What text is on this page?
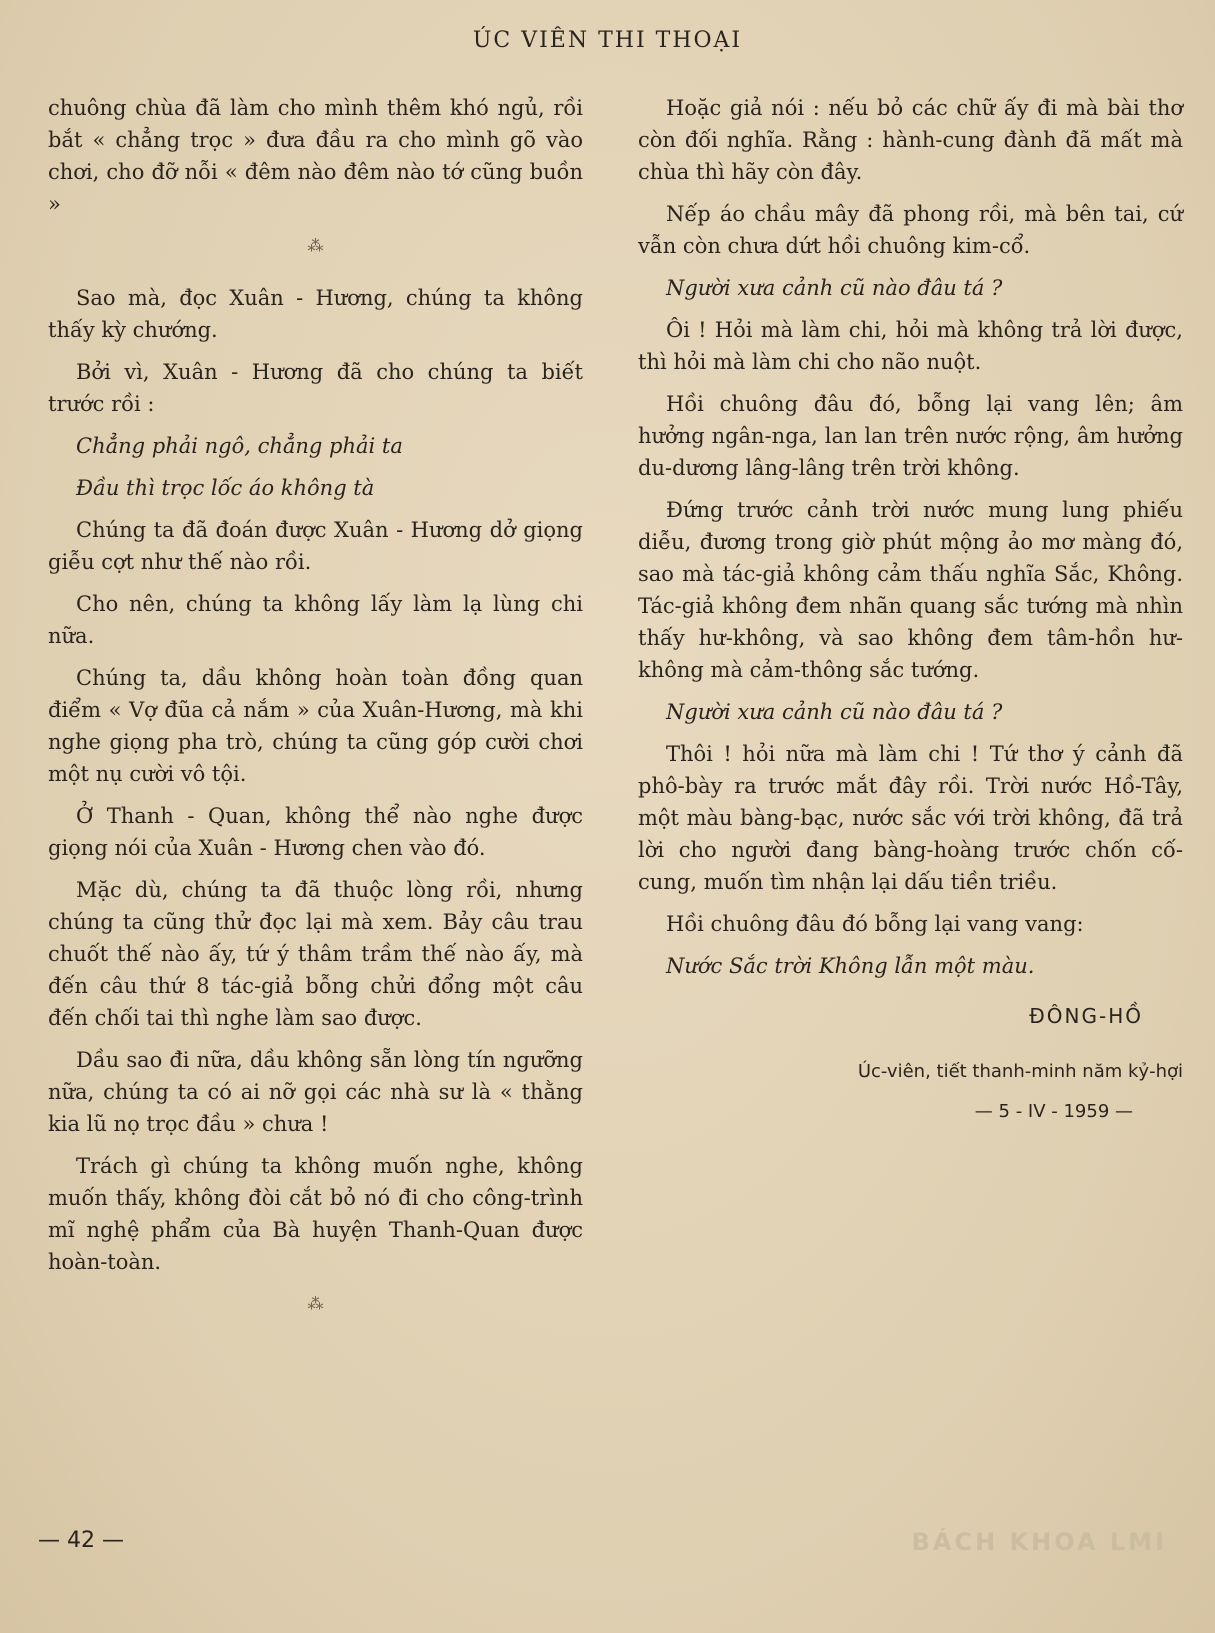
ÚC VIÊN THI THOẠI

chuông chùa đã làm cho mình thêm khó ngủ, rồi bắt « chẳng trọc » đưa đầu ra cho mình gõ vào chơi, cho đỡ nỗi « đêm nào đêm nào tớ cũng buồn »

⁂

Sao mà, đọc Xuân - Hương, chúng ta không thấy kỳ chướng.

Bởi vì, Xuân - Hương đã cho chúng ta biết trước rồi :

Chẳng phải ngô, chẳng phải ta

Đầu thì trọc lốc áo không tà

Chúng ta đã đoán được Xuân - Hương dở giọng giễu cợt như thế nào rồi.

Cho nên, chúng ta không lấy làm lạ lùng chi nữa.

Chúng ta, dầu không hoàn toàn đồng quan điểm « Vợ đũa cả nắm » của Xuân-Hương, mà khi nghe giọng pha trò, chúng ta cũng góp cười chơi một nụ cười vô tội.

Ở Thanh - Quan, không thể nào nghe được giọng nói của Xuân - Hương chen vào đó.

Mặc dù, chúng ta đã thuộc lòng rồi, nhưng chúng ta cũng thử đọc lại mà xem. Bảy câu trau chuốt thế nào ấy, tứ ý thâm trầm thế nào ấy, mà đến câu thứ 8 tác-giả bỗng chửi đổng một câu đến chối tai thì nghe làm sao được.

Dầu sao đi nữa, dầu không sẵn lòng tín ngưỡng nữa, chúng ta có ai nỡ gọi các nhà sư là « thằng kia lũ nọ trọc đầu » chưa !

Trách gì chúng ta không muốn nghe, không muốn thấy, không đòi cắt bỏ nó đi cho công-trình mĩ nghệ phẩm của Bà huyện Thanh-Quan được hoàn-toàn.

⁂

Hoặc giả nói : nếu bỏ các chữ ấy đi mà bài thơ còn đối nghĩa. Rằng : hành-cung đành đã mất mà chùa thì hãy còn đây.

Nếp áo chầu mây đã phong rồi, mà bên tai, cứ vẫn còn chưa dứt hồi chuông kim-cổ.

Người xưa cảnh cũ nào đâu tá ?

Ôi ! Hỏi mà làm chi, hỏi mà không trả lời được, thì hỏi mà làm chi cho não nuột.

Hồi chuông đâu đó, bỗng lại vang lên; âm hưởng ngân-nga, lan lan trên nước rộng, âm hưởng du-dương lâng-lâng trên trời không.

Đứng trước cảnh trời nước mung lung phiếu diễu, đương trong giờ phút mộng ảo mơ màng đó, sao mà tác-giả không cảm thấu nghĩa Sắc, Không. Tác-giả không đem nhãn quang sắc tướng mà nhìn thấy hư-không, và sao không đem tâm-hồn hư-không mà cảm-thông sắc tướng.

Người xưa cảnh cũ nào đâu tá ?

Thôi ! hỏi nữa mà làm chi ! Tứ thơ ý cảnh đã phô-bày ra trước mắt đây rồi. Trời nước Hồ-Tây, một màu bàng-bạc, nước sắc với trời không, đã trả lời cho người đang bàng-hoàng trước chốn cố-cung, muốn tìm nhận lại dấu tiền triều.

Hồi chuông đâu đó bỗng lại vang vang:

Nước Sắc trời Không lẫn một màu.

ĐÔNG-HỒ

Úc-viên, tiết thanh-minh năm kỷ-hợi

— 5 - IV - 1959 —

— 42 —	BÁCH KHOA LMI
